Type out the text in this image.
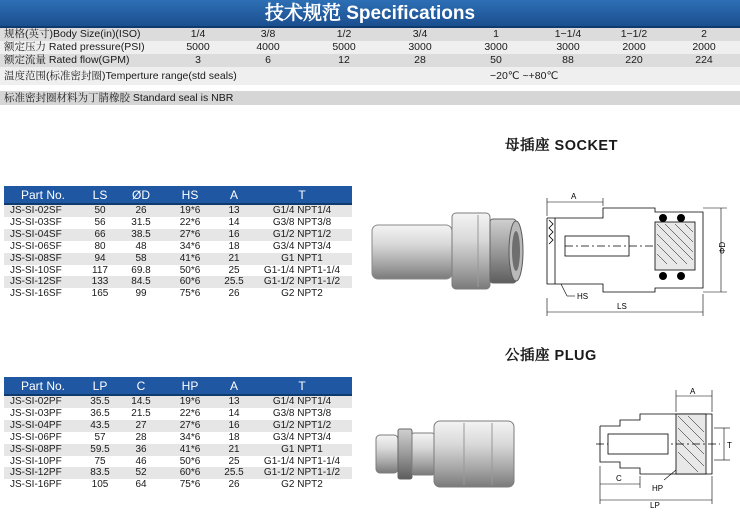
技术规范 Specifications
规格(英寸)Body Size(in)(ISO)	1/4	3/8	1/2	3/4	1	1−1/4	1−1/2	2
额定压力 Rated pressure(PSI)	5000	4000	5000	3000	3000	3000	2000	2000
额定流量 Rated flow(GPM)	3	6	12	28	50	88	220	224
温度范围(标准密封圈)Temperture range(std seals)	−20℃ ~+80℃
标准密封圈材料为丁腈橡胶 Standard seal is NBR
母插座 SOCKET
Part No.	LS	ØD	HS	A	T
JS-SI-02SF	50	26	19*6	13	G1/4 NPT1/4
JS-SI-03SF	56	31.5	22*6	14	G3/8 NPT3/8
JS-SI-04SF	66	38.5	27*6	16	G1/2 NPT1/2
JS-SI-06SF	80	48	34*6	18	G3/4 NPT3/4
JS-SI-08SF	94	58	41*6	21	G1 NPT1
JS-SI-10SF	117	69.8	50*6	25	G1-1/4 NPT1-1/4
JS-SI-12SF	133	84.5	60*6	25.5	G1-1/2 NPT1-1/2
JS-SI-16SF	165	99	75*6	26	G2 NPT2
A
ΦD
HS
LS
公插座 PLUG
Part No.	LP	C	HP	A	T
JS-SI-02PF	35.5	14.5	19*6	13	G1/4 NPT1/4
JS-SI-03PF	36.5	21.5	22*6	14	G3/8 NPT3/8
JS-SI-04PF	43.5	27	27*6	16	G1/2 NPT1/2
JS-SI-06PF	57	28	34*6	18	G3/4 NPT3/4
JS-SI-08PF	59.5	36	41*6	21	G1 NPT1
JS-SI-10PF	75	46	50*6	25	G1-1/4 NPT1-1/4
JS-SI-12PF	83.5	52	60*6	25.5	G1-1/2 NPT1-1/2
JS-SI-16PF	105	64	75*6	26	G2 NPT2
A
T
C
HP
LP
